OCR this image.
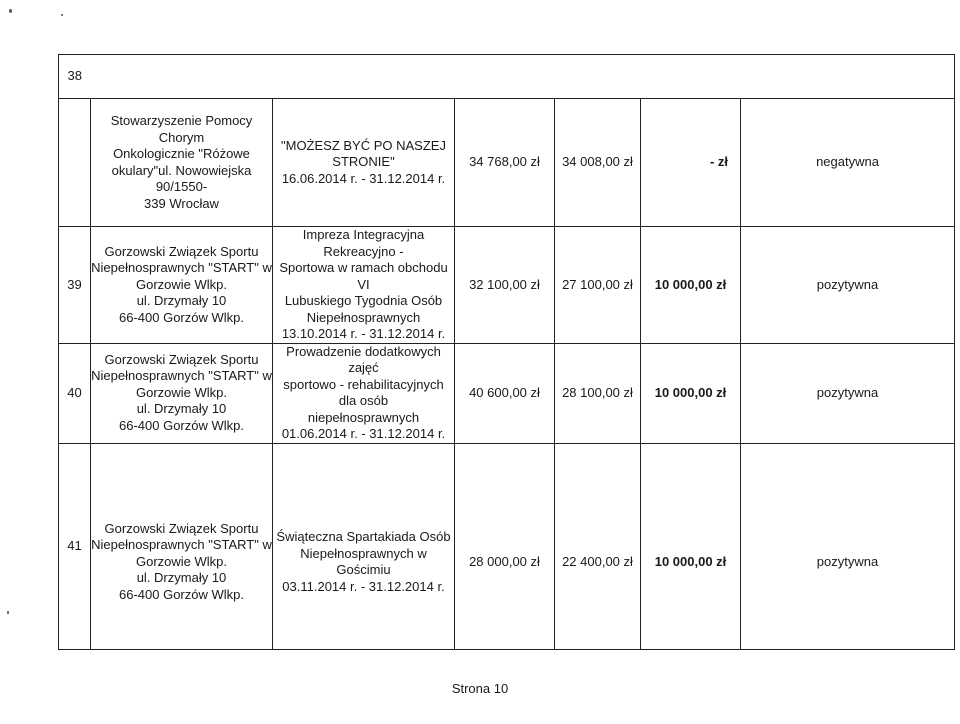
38						

	Stowarzyszenie Pomocy Chorym
Onkologicznie "Różowe
okulary"ul. Nowowiejska 90/1550-
339 Wrocław	"MOŻESZ BYĆ PO NASZEJ
STRONIE"
16.06.2014 r. - 31.12.2014 r.	34 768,00 zł	34 008,00 zł	- zł	negatywna
39	Gorzowski Związek Sportu
Niepełnosprawnych "START" w
Gorzowie Wlkp.
ul. Drzymały 10
66-400 Gorzów Wlkp.	Impreza Integracyjna Rekreacyjno -
Sportowa w ramach obchodu VI
Lubuskiego Tygodnia Osób
Niepełnosprawnych
13.10.2014 r. - 31.12.2014 r.	32 100,00 zł	27 100,00 zł	10 000,00 zł	pozytywna
40	Gorzowski Związek Sportu
Niepełnosprawnych "START" w
Gorzowie Wlkp.
ul. Drzymały 10
66-400 Gorzów Wlkp.	Prowadzenie dodatkowych zajęć
sportowo - rehabilitacyjnych dla osób
niepełnosprawnych
01.06.2014 r. - 31.12.2014 r.	40 600,00 zł	28 100,00 zł	10 000,00 zł	pozytywna
41	Gorzowski Związek Sportu
Niepełnosprawnych "START" w
Gorzowie Wlkp.
ul. Drzymały 10
66-400 Gorzów Wlkp.	Świąteczna Spartakiada Osób
Niepełnosprawnych w Gościmiu
03.11.2014 r. - 31.12.2014 r.	28 000,00 zł	22 400,00 zł	10 000,00 zł	pozytywna
Strona 10
